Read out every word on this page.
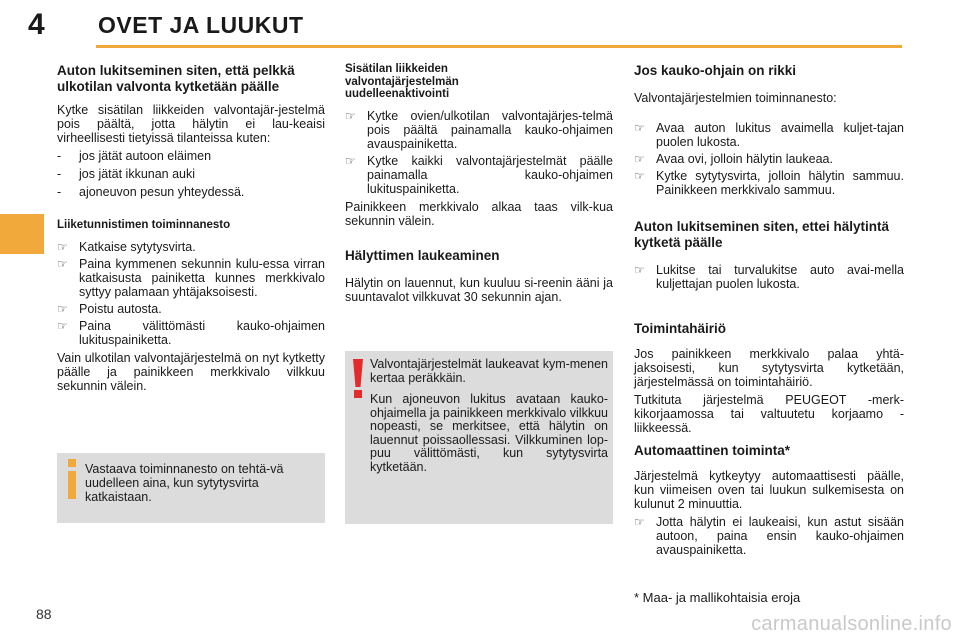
4 OVET JA LUUKUT
Auton lukitseminen siten, että pelkkä ulkotilan valvonta kytketään päälle

Kytke sisätilan liikkeiden valvontajär-jestelmä pois päältä, jotta hälytin ei lau-keaisi virheellisesti tietyissä tilanteissa kuten:

- jos jätät autoon eläimen
- jos jätät ikkunan auki
- ajoneuvon pesun yhteydessä.
Liiketunnistimen toiminnanesto
☞ Katkaise sytytysvirta.
☞ Paina kymmenen sekunnin kulu-essa virran katkaisusta painiketta kunnes merkkivalo syttyy palamaan yhtäjaksoisesti.
☞ Poistu autosta.
☞ Paina välittömästi kauko-ohjaimen lukituspainiketta.

Vain ulkotilan valvontajärjestelmä on nyt kytketty päälle ja painikkeen merkkivalo vilkkuu sekunnin välein.

Vastaava toiminnanesto on tehtä-vä uudelleen aina, kun sytytysvirta katkaistaan.
Sisätilan liikkeiden valvontajärjestelmän uudelleenaktivointi
☞ Kytke ovien/ulkotilan valvontajärjes-telmä pois päältä painamalla kauko-ohjaimen avauspainiketta.
☞ Kytke kaikki valvontajärjestelmät päälle painamalla kauko-ohjaimen lukituspainiketta.

Painikkeen merkkivalo alkaa taas vilk-kua sekunnin välein.

Hälyttimen laukeaminen

Hälytin on lauennut, kun kuuluu si-reenin ääni ja suuntavalot vilkkuvat 30 sekunnin ajan.

Valvontajärjestelmät laukeavat kym-menen kertaa peräkkäin.

Kun ajoneuvon lukitus avataan kauko-ohjaimella ja painikkeen merkkivalo vilkkuu nopeasti, se merkitsee, että hälytin on lauennut poissaollessasi. Vilkkuminen lop-puu välittömästi, kun sytytysvirta kytketään.

Jos kauko-ohjain on rikki

Valvontajärjestelmien toiminnanesto:

☞ Avaa auton lukitus avaimella kuljet-tajan puolen lukosta.
☞ Avaa ovi, jolloin hälytin laukeaa.
☞ Kytke sytytysvirta, jolloin hälytin sammuu. Painikkeen merkkivalo sammuu.
Auton lukitseminen siten, ettei hälytintä kytketä päälle
☞ Lukitse tai turvalukitse auto avai-mella kuljettajan puolen lukosta.
Toimintahäiriö

Jos painikkeen merkkivalo palaa yhtä-jaksoisesti, kun sytytysvirta kytketään, järjestelmässä on toimintahäiriö.

Tutkituta järjestelmä PEUGEOT -merk-kikorjaamossa tai valtuutetu korjaamo -liikkeessä.

Automaattinen toiminta*

Järjestelmä kytkeytyy automaattisesti päälle, kun viimeisen oven tai luukun sulkemisesta on kulunut 2 minuuttia.

☞ Jotta hälytin ei laukeaisi, kun astut sisään autoon, paina ensin kauko-ohjaimen avauspainiketta.
* Maa- ja mallikohtaisia eroja
88	carmanualsonline.info
